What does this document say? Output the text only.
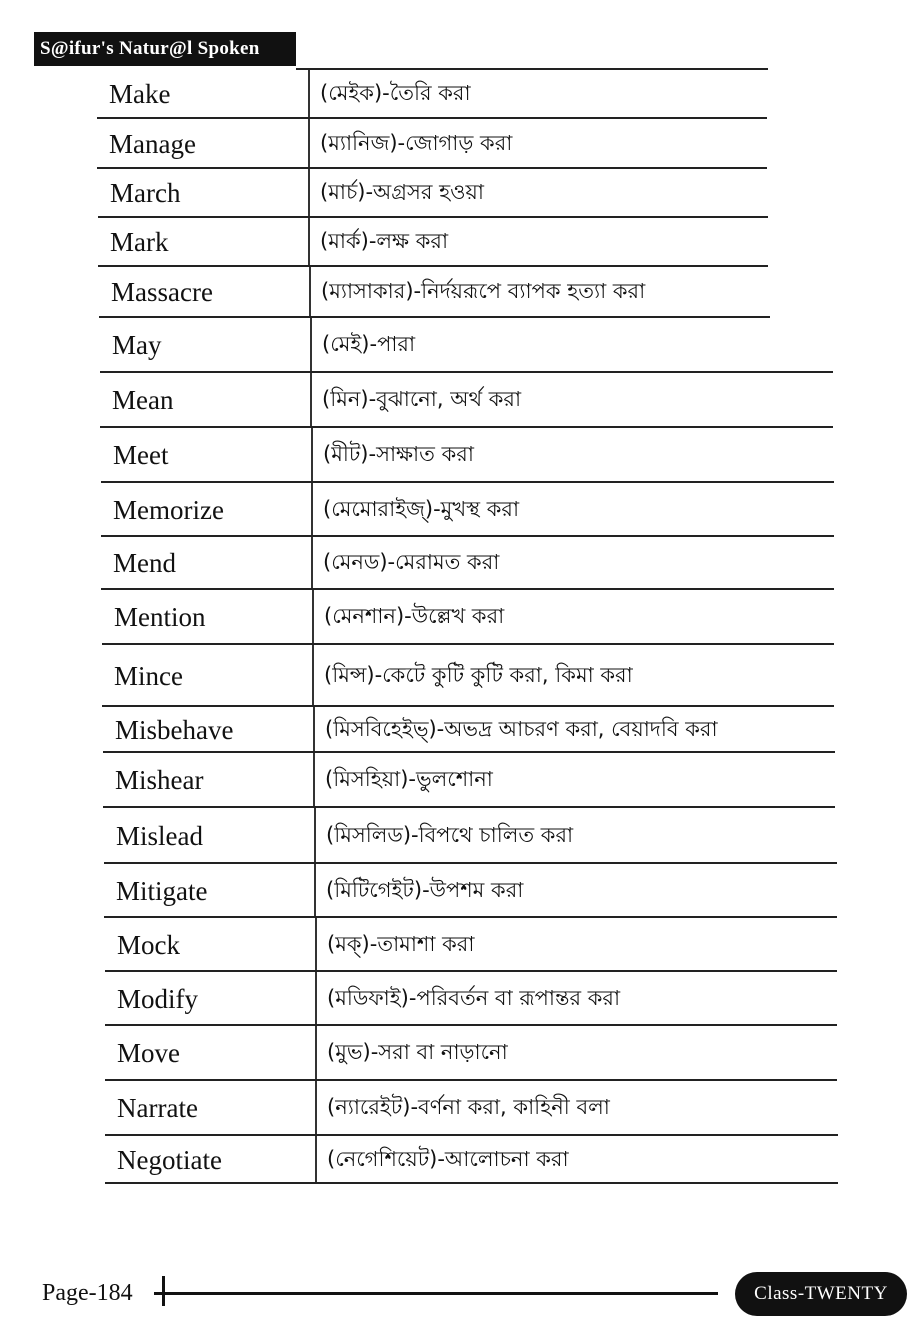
S@ifur's Natur@l Spoken
Make	(মেইক)-তৈরি করা
Manage	(ম্যানিজ)-জোগাড় করা
March	(মার্চ)-অগ্রসর হওয়া
Mark	(মার্ক)-লক্ষ করা
Massacre	(ম্যাসাকার)-নির্দয়রূপে ব্যাপক হত্যা করা
May	(মেই)-পারা
Mean	(মিন)-বুঝানো, অর্থ করা
Meet	(মীট)-সাক্ষাত করা
Memorize	(মেমোরাইজ্)-মুখস্থ করা
Mend	(মেনড)-মেরামত করা
Mention	(মেনশান)-উল্লেখ করা
Mince	(মিন্স)-কেটে কুটি কুটি করা, কিমা করা
Misbehave	(মিসবিহেইভ্)-অভদ্র আচরণ করা, বেয়াদবি করা
Mishear	(মিসহিয়া)-ভুলশোনা
Mislead	(মিসলিড)-বিপথে চালিত করা
Mitigate	(মিটিগেইট)-উপশম করা
Mock	(মক্)-তামাশা করা
Modify	(মডিফাই)-পরিবর্তন বা রূপান্তর করা
Move	(মুভ)-সরা বা নাড়ানো
Narrate	(ন্যারেইট)-বর্ণনা করা, কাহিনী বলা
Negotiate	(নেগেশিয়েট)-আলোচনা করা
Page-184	Class-TWENTY
